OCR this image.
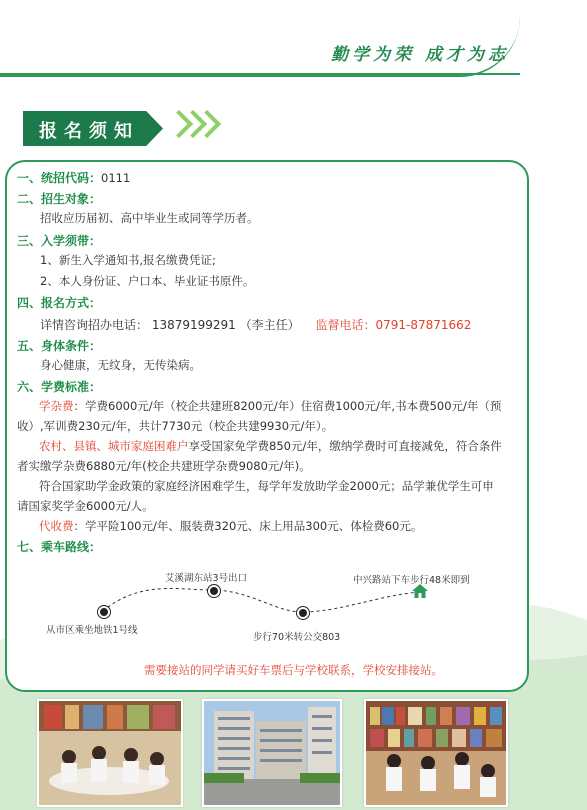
勤学为荣 成才为志
报名须知
一、统招代码：0111
二、招生对象：
招收应历届初、高中毕业生或同等学历者。
三、入学须带：
1、新生入学通知书,报名缴费凭证;
2、本人身份证、户口本、毕业证书原件。
四、报名方式：
详情咨询招办电话： 13879199291 （李主任） 监督电话：0791-87871662
五、身体条件：
身心健康，无纹身，无传染病。
六、学费标准：
学杂费：学费6000元/年（校企共建班8200元/年）住宿费1000元/年,书本费500元/年（预收）,军训费230元/年，共计7730元（校企共建9930元/年）。
农村、县镇、城市家庭困难户享受国家免学费850元/年，缴纳学费时可直接减免，符合条件者实缴学杂费6880元/年(校企共建班学杂费9080元/年)。
符合国家助学金政策的家庭经济困难学生，每学年发放助学金2000元；品学兼优学生可申请国家奖学金6000元/人。
代收费：学平险100元/年、服装费320元、床上用品300元、体检费60元。
七、乘车路线：
从市区乘坐地铁1号线
艾溪湖东站3号出口
步行70米转公交803
中兴路站下车步行48米即到
需要接站的同学请买好车票后与学校联系，学校安排接站。
